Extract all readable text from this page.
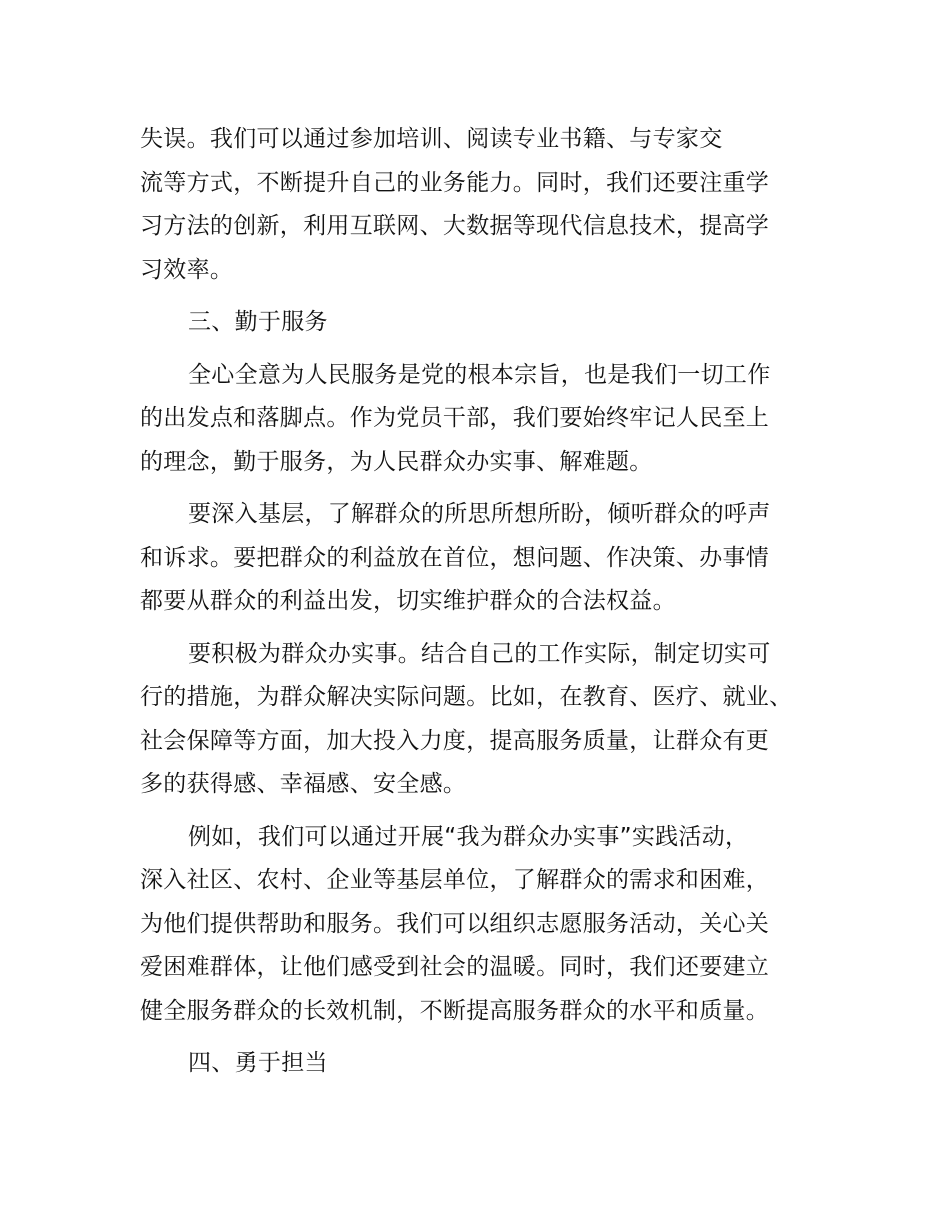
失误。我们可以通过参加培训、阅读专业书籍、与专家交
流等方式，不断提升自己的业务能力。同时，我们还要注重学
习方法的创新，利用互联网、大数据等现代信息技术，提高学
习效率。
三、勤于服务
全心全意为人民服务是党的根本宗旨，也是我们一切工作
的出发点和落脚点。作为党员干部，我们要始终牢记人民至上
的理念，勤于服务，为人民群众办实事、解难题。
要深入基层，了解群众的所思所想所盼，倾听群众的呼声
和诉求。要把群众的利益放在首位，想问题、作决策、办事情
都要从群众的利益出发，切实维护群众的合法权益。
要积极为群众办实事。结合自己的工作实际，制定切实可
行的措施，为群众解决实际问题。比如，在教育、医疗、就业、
社会保障等方面，加大投入力度，提高服务质量，让群众有更
多的获得感、幸福感、安全感。
例如，我们可以通过开展“我为群众办实事”实践活动，
深入社区、农村、企业等基层单位，了解群众的需求和困难，
为他们提供帮助和服务。我们可以组织志愿服务活动，关心关
爱困难群体，让他们感受到社会的温暖。同时，我们还要建立
健全服务群众的长效机制，不断提高服务群众的水平和质量。
四、勇于担当
